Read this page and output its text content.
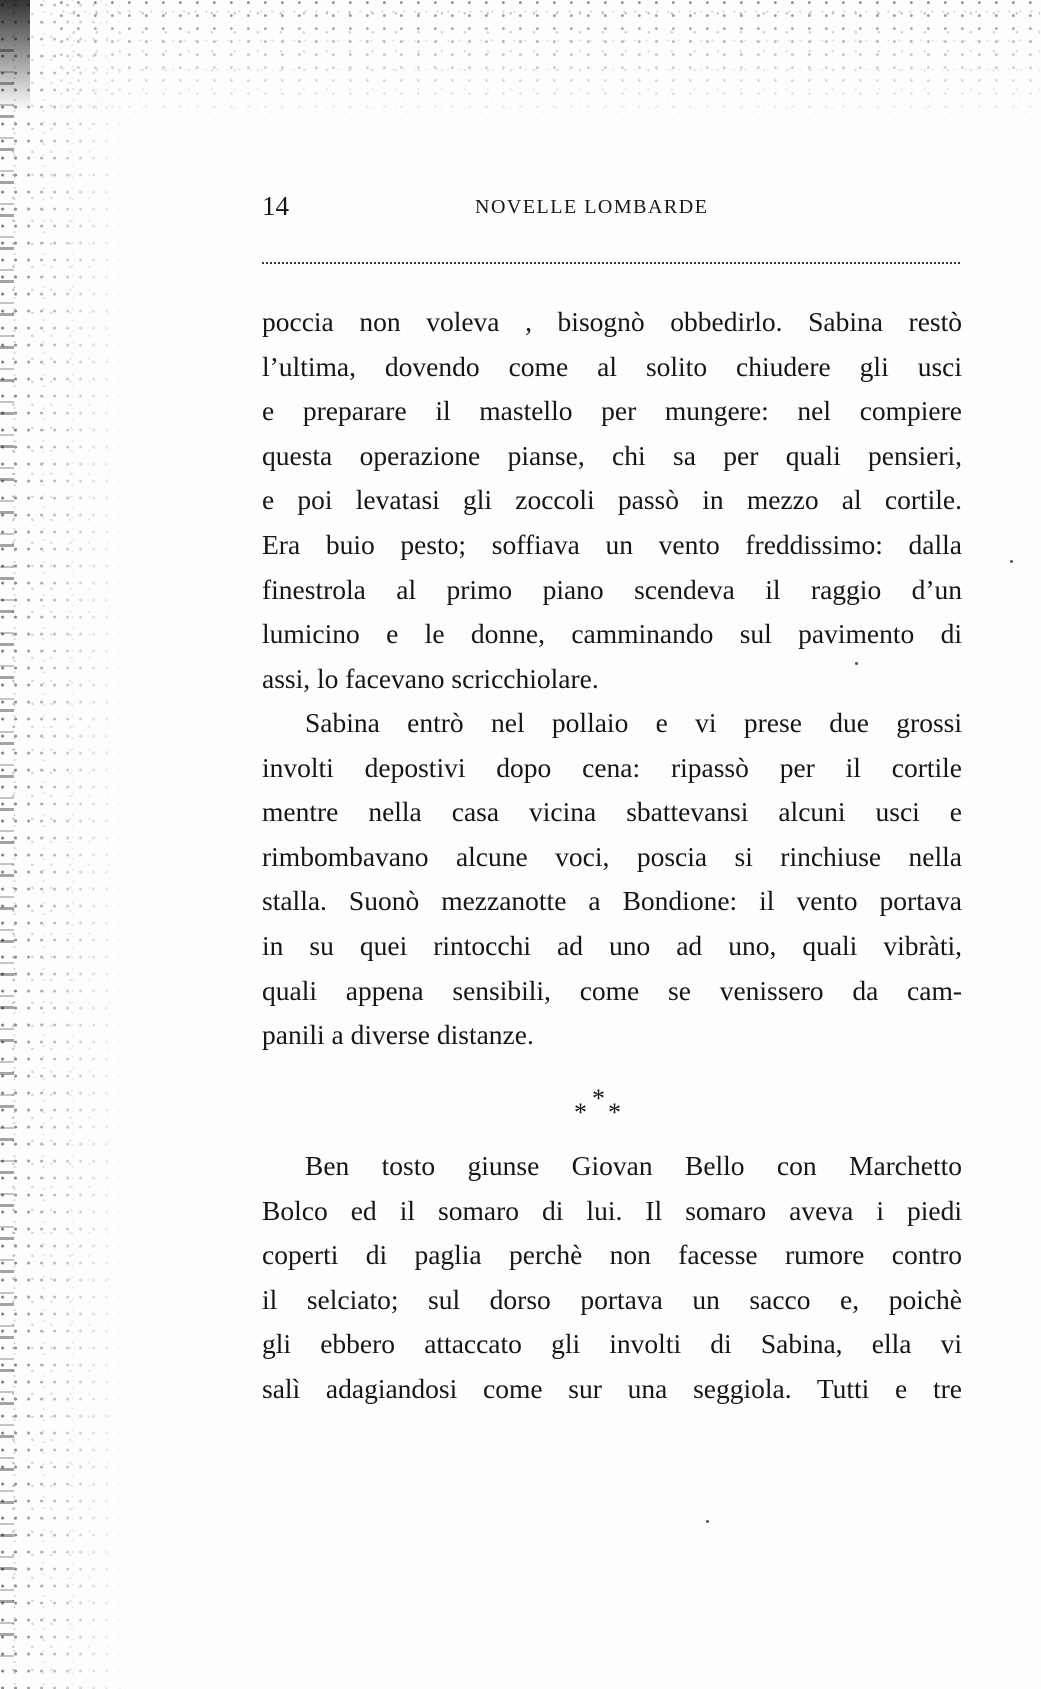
14	NOVELLE LOMBARDE
poccia non voleva , bisognò obbedirlo. Sabina restò
l’ultima, dovendo come al solito chiudere gli usci
e preparare il mastello per mungere: nel compiere
questa operazione pianse, chi sa per quali pensieri,
e poi levatasi gli zoccoli passò in mezzo al cortile.
Era buio pesto; soffiava un vento freddissimo: dalla
finestrola al primo piano scendeva il raggio d’un
lumicino e le donne, camminando sul pavimento di
assi, lo facevano scricchiolare.
Sabina entrò nel pollaio e vi prese due grossi
involti depostivi dopo cena: ripassò per il cortile
mentre nella casa vicina sbattevansi alcuni usci e
rimbombavano alcune voci, poscia si rinchiuse nella
stalla. Suonò mezzanotte a Bondione: il vento portava
in su quei rintocchi ad uno ad uno, quali vibràti,
quali appena sensibili, come se venissero da cam-
panili a diverse distanze.
*
* *
Ben tosto giunse Giovan Bello con Marchetto
Bolco ed il somaro di lui. Il somaro aveva i piedi
coperti di paglia perchè non facesse rumore contro
il selciato; sul dorso portava un sacco e, poichè
gli ebbero attaccato gli involti di Sabina, ella vi
salì adagiandosi come sur una seggiola. Tutti e tre
